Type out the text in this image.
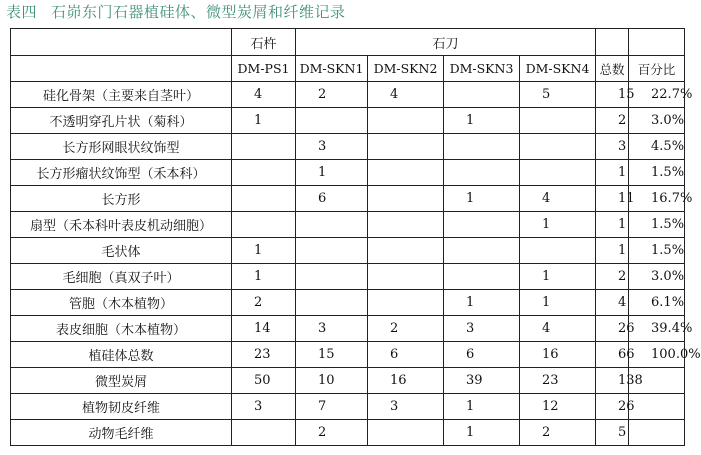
表四 石峁东门石器植硅体、微型炭屑和纤维记录
	石杵	石刀					
	DM-PS1	DM-SKN1	DM-SKN2	DM-SKN3	DM-SKN4	总数	百分比
硅化骨架（主要来自茎叶）	4	2	4		5	15	22.7%
不透明穿孔片状（菊科）	1			1		2	3.0%
长方形网眼状纹饰型		3				3	4.5%
长方形瘤状纹饰型（禾本科）		1				1	1.5%
长方形		6		1	4	11	16.7%
扇型（禾本科叶表皮机动细胞）					1	1	1.5%
毛状体	1					1	1.5%
毛细胞（真双子叶）	1				1	2	3.0%
管胞（木本植物）	2			1	1	4	6.1%
表皮细胞（木本植物）	14	3	2	3	4	26	39.4%
植硅体总数	23	15	6	6	16	66	100.0%
微型炭屑	50	10	16	39	23	138	
植物韧皮纤维	3	7	3	1	12	26	
动物毛纤维		2		1	2	5	
